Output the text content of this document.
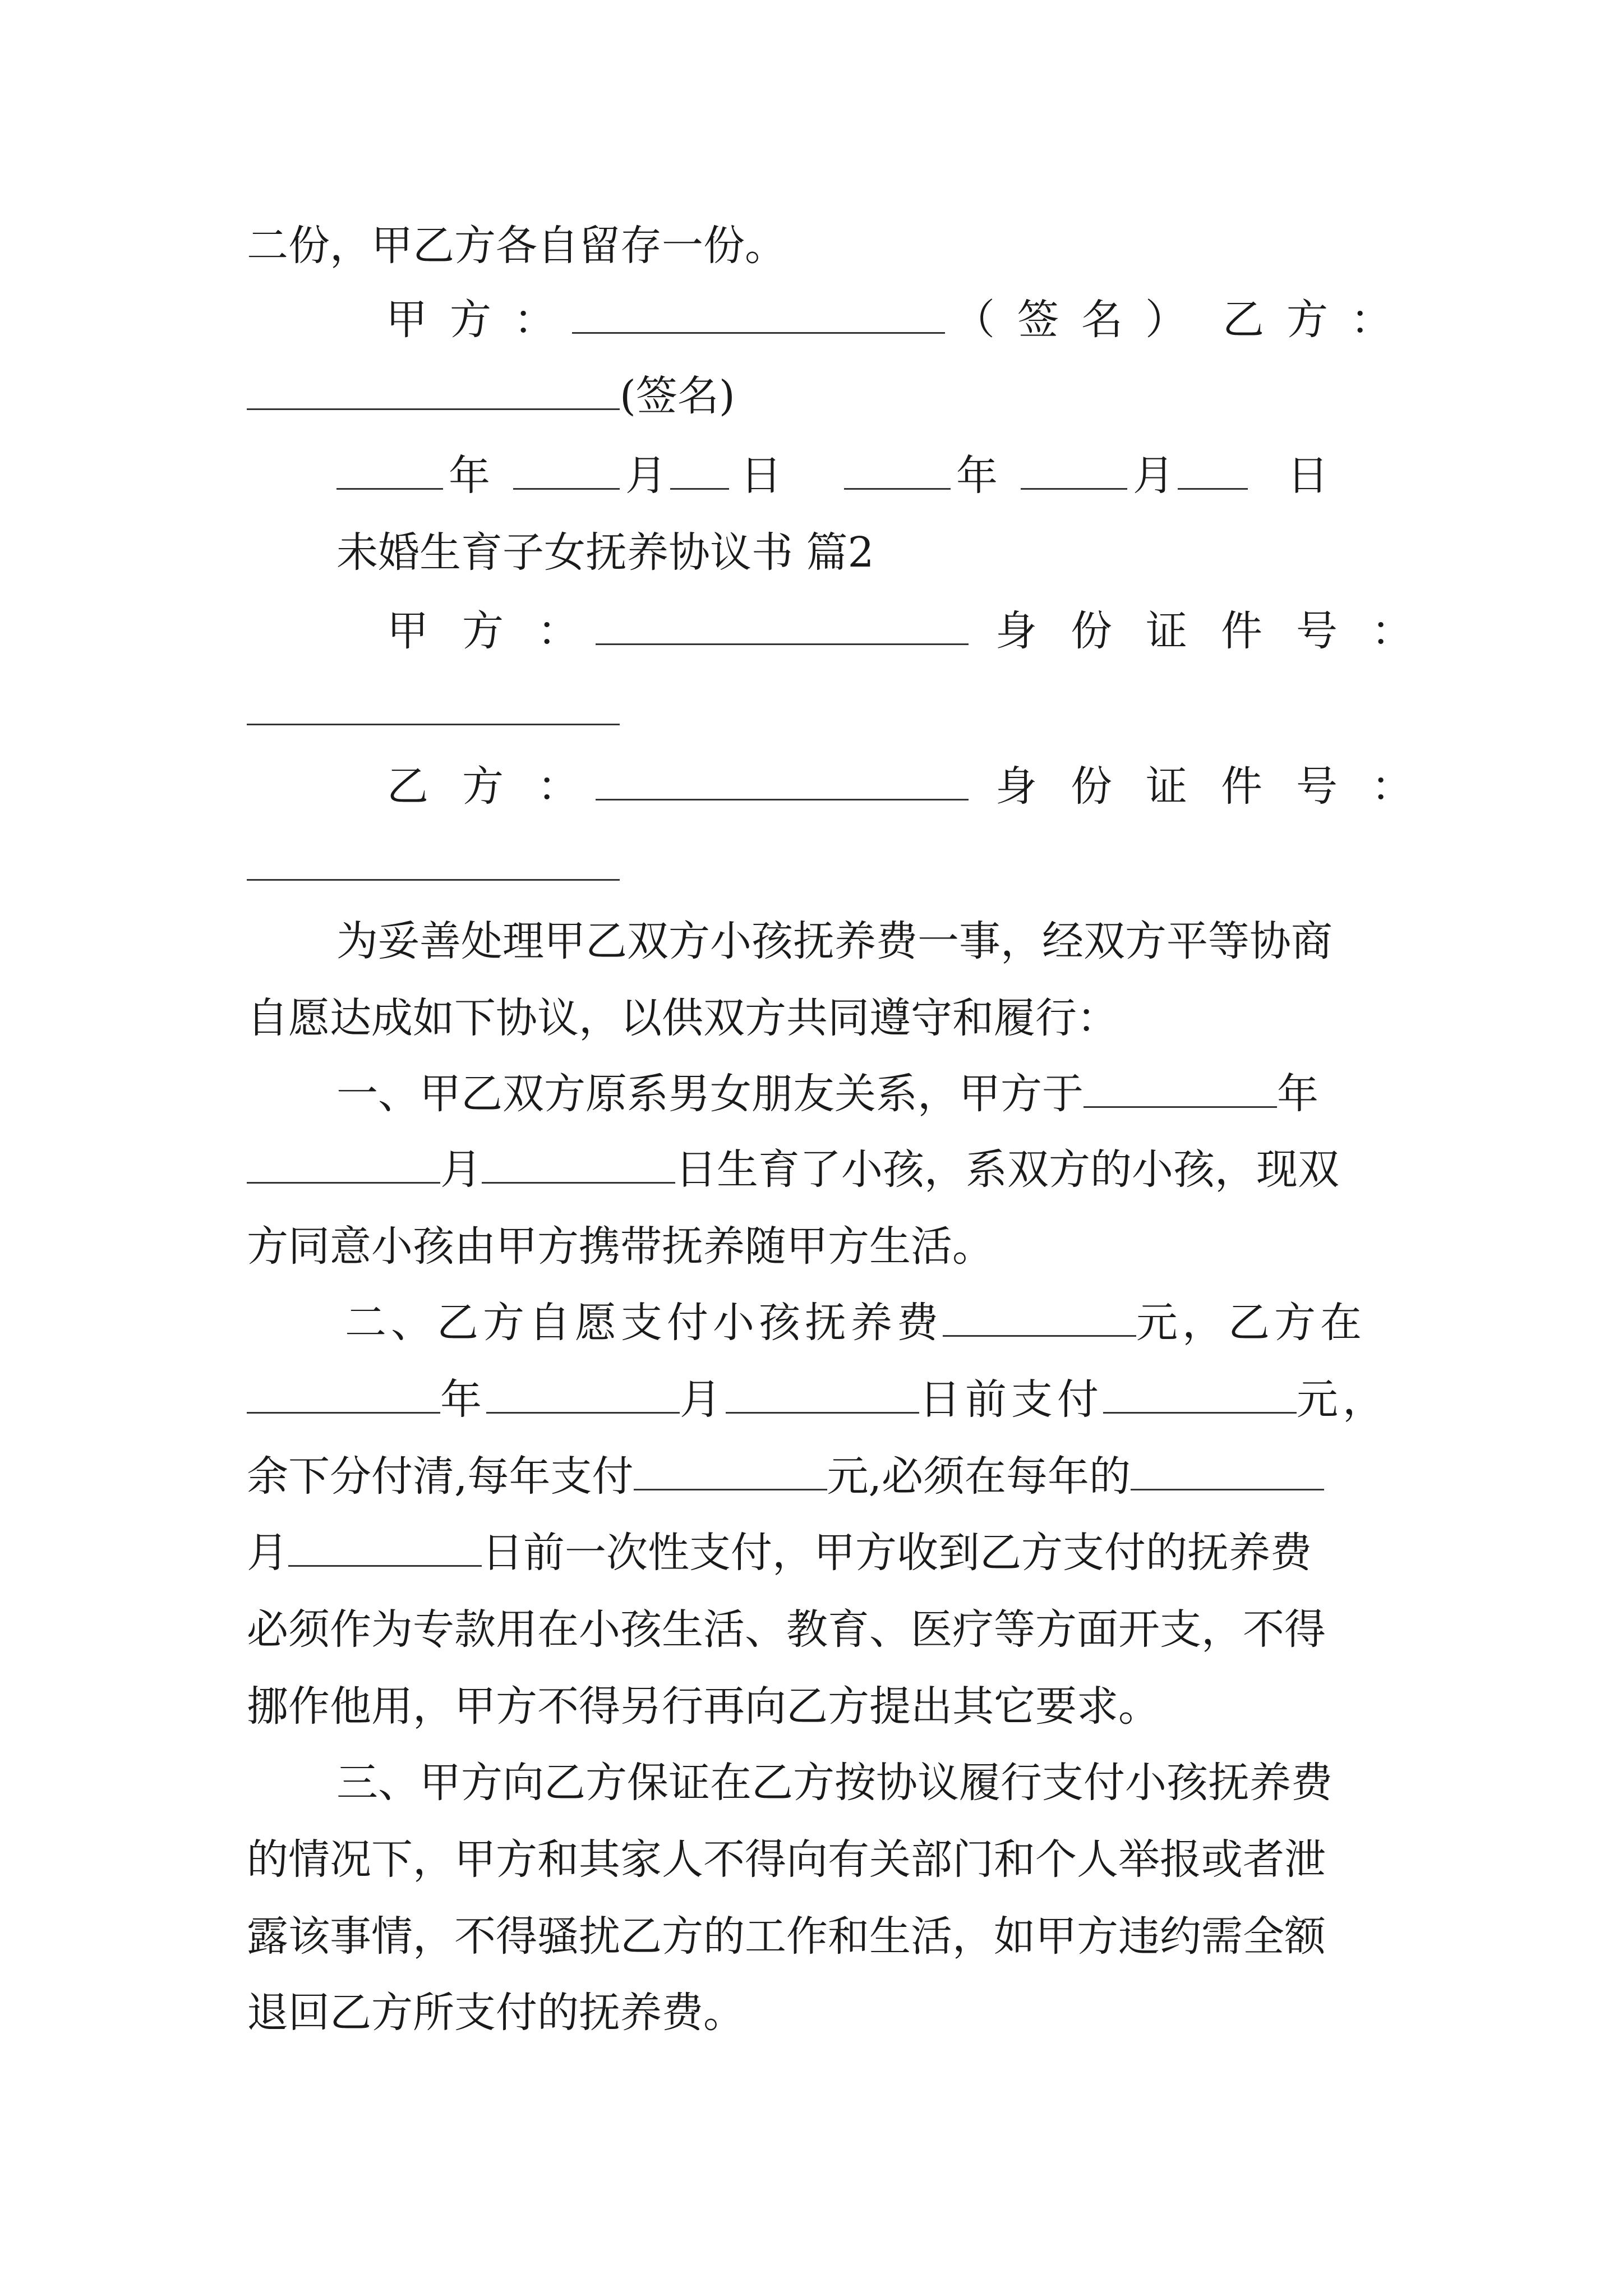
二份，甲乙方各自留存一份。

甲方：	（签名） 乙方：

(签名)

年	月 日	年	月	日

未婚生育子女抚养协议书 篇2

甲方：	身份证件号：

乙方：	身份证件号：

为妥善处理甲乙双方小孩抚养费一事，经双方平等协商

自愿达成如下协议，以供双方共同遵守和履行：

一、甲乙双方原系男女朋友关系，甲方于	年

月	日生育了小孩，系双方的小孩，现双

方同意小孩由甲方携带抚养随甲方生活。

二、乙方自愿支付小孩抚养费	元，乙方在

年	月	日前支付	元，

余下分付清,每年支付	元,必须在每年的

月	日前一次性支付，甲方收到乙方支付的抚养费

必须作为专款用在小孩生活、教育、医疗等方面开支，不得

挪作他用，甲方不得另行再向乙方提出其它要求。

三、甲方向乙方保证在乙方按协议履行支付小孩抚养费

的情况下，甲方和其家人不得向有关部门和个人举报或者泄

露该事情，不得骚扰乙方的工作和生活，如甲方违约需全额

退回乙方所支付的抚养费。
